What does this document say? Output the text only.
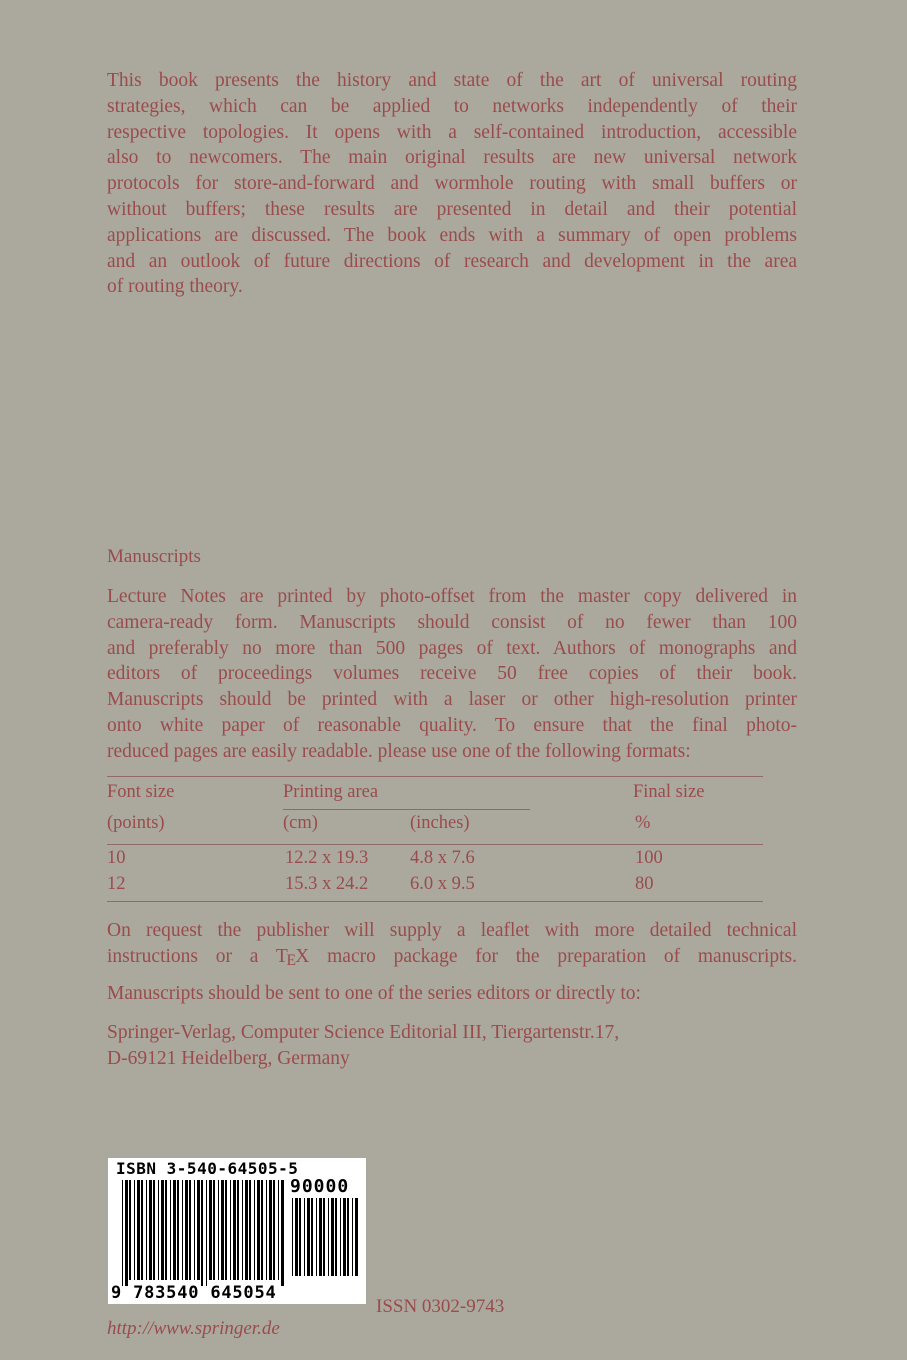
This book presents the history and state of the art of universal routing
strategies, which can be applied to networks independently of their
respective topologies. It opens with a self-contained introduction, accessible
also to newcomers. The main original results are new universal network
protocols for store-and-forward and wormhole routing with small buffers or
without buffers; these results are presented in detail and their potential
applications are discussed. The book ends with a summary of open problems
and an outlook of future directions of research and development in the area
of routing theory.

Manuscripts

Lecture Notes are printed by photo-offset from the master copy delivered in
camera-ready form. Manuscripts should consist of no fewer than 100
and preferably no more than 500 pages of text. Authors of monographs and
editors of proceedings volumes receive 50 free copies of their book.
Manuscripts should be printed with a laser or other high-resolution printer
onto white paper of reasonable quality. To ensure that the final photo-
reduced pages are easily readable. please use one of the following formats:
Font size	Printing area	Final size
(points)	(cm)	(inches)	%
10	12.2 x 19.3 4.8 x 7.6	100
12	15.3 x 24.2 6.0 x 9.5	80
On request the publisher will supply a leaflet with more detailed technical
instructions or a TEX macro package for the preparation of manuscripts.

Manuscripts should be sent to one of the series editors or directly to:

Springer-Verlag, Computer Science Editorial III, Tiergartenstr.17,
D-69121 Heidelberg, Germany
ISBN 3-540-64505-5
90000
9 783540 645054

ISSN 0302-9743

http://www.springer.de
